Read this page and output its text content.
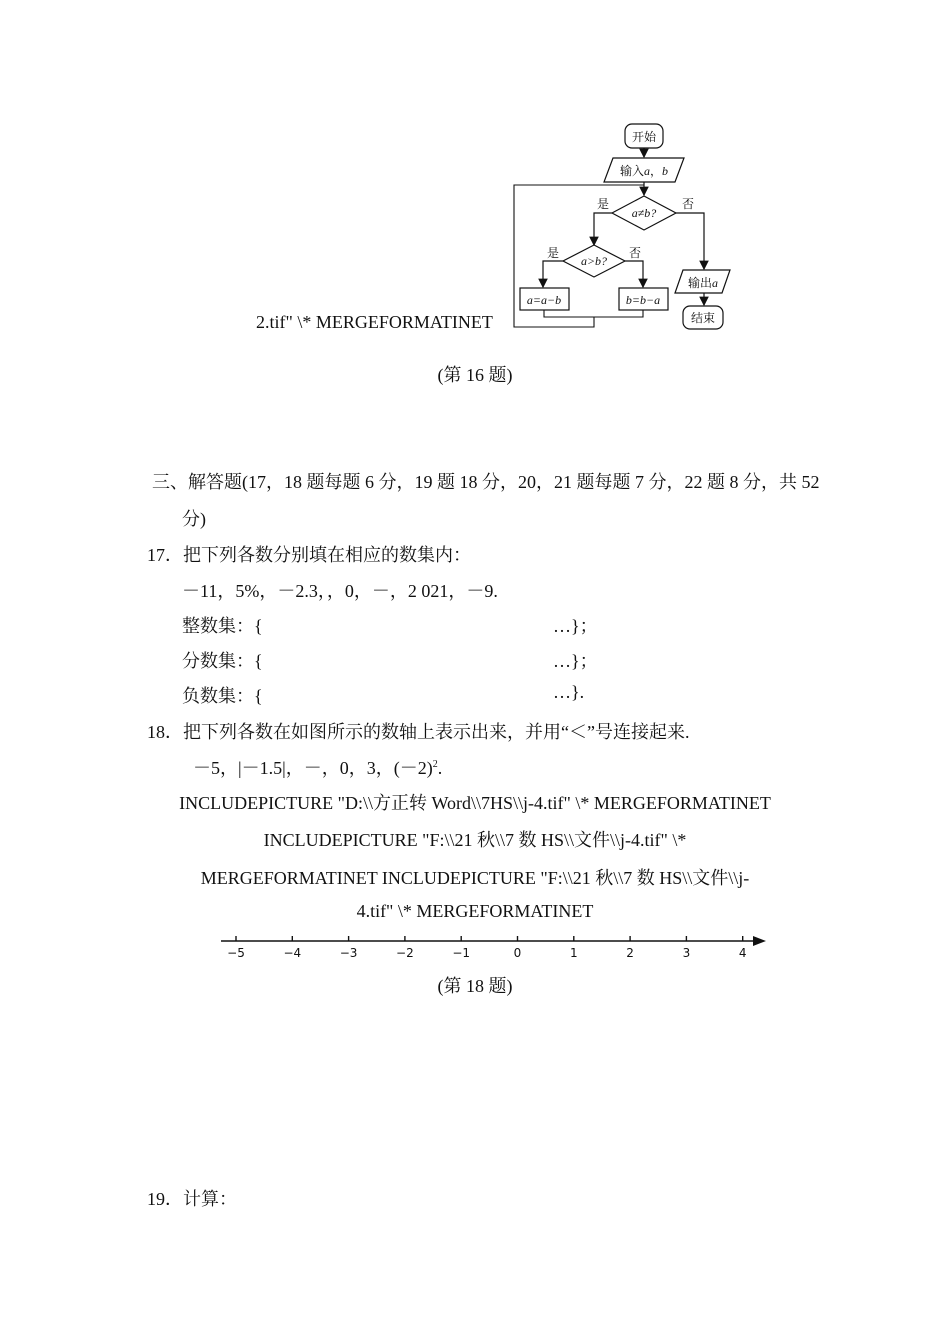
开始
输入a，b
a≠b?
是	否
a>b?
是	否
a=a−b	b=b−a
输出a
结束
2.tif" \* MERGEFORMATINET
(第 16 题)
三、解答题(17，18 题每题 6 分，19 题 18 分，20，21 题每题 7 分，22 题 8 分，共 52
分)
17．把下列各数分别填在相应的数集内：
－11，5%，－2.3，，0，－，2 021，－9.
整数集：{	…}；
分数集：{	…}；
负数集：{	…}.
18．把下列各数在如图所示的数轴上表示出来，并用“＜”号连接起来.
－5，|－1.5|，－，0，3，$(-2)^2$.
INCLUDEPICTURE "D:\\方正转 Word\\7HS\\j-4.tif" \* MERGEFORMATINET
INCLUDEPICTURE "F:\\21 秋\\7 数 HS\\文件\\j-4.tif" \*
MERGEFORMATINET INCLUDEPICTURE "F:\\21 秋\\7 数 HS\\文件\\j-
4.tif" \* MERGEFORMATINET
−5	−4	−3	−2	−1	0	1	2	3	4
(第 18 题)
19．计算：
